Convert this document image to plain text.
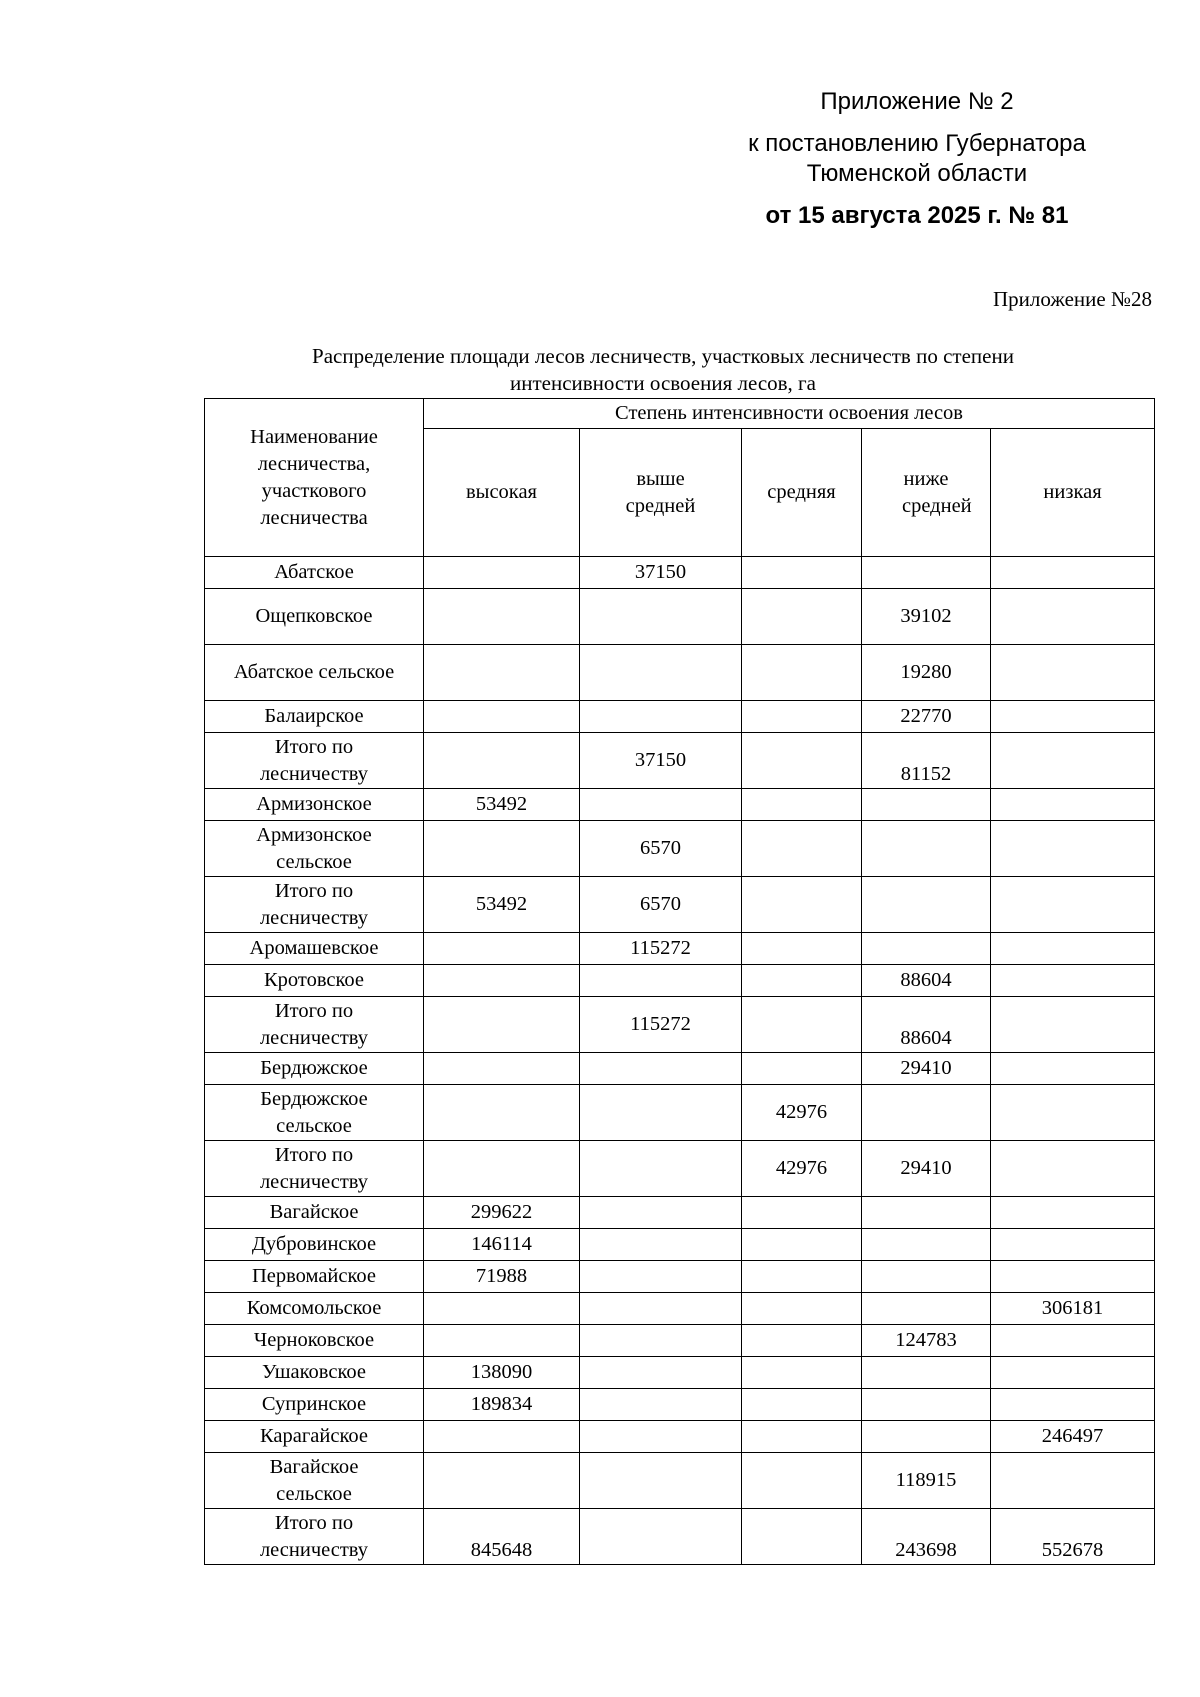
Приложение № 2
к постановлению Губернатора
Тюменской области
от 15 августа 2025 г. № 81
Приложение №28
Распределение площади лесов лесничеств, участковых лесничеств по степени
интенсивности освоения лесов, га
Наименование лесничества, участкового лесничества	Степень интенсивности освоения лесов				
	высокая	выше средней	средняя	ниже средней	низкая
Абатское		37150			
Ощепковское				39102	
Абатское сельское				19280	
Балаирское				22770	
Итого по лесничеству		37150		81152	
Армизонское	53492				
Армизонское сельское		6570			
Итого по лесничеству	53492	6570			
Аромашевское		115272			
Кротовское				88604	
Итого по лесничеству		115272		88604	
Бердюжское				29410	
Бердюжское сельское			42976		
Итого по лесничеству			42976	29410	
Вагайское	299622				
Дубровинское	146114				
Первомайское	71988				
Комсомольское					306181
Черноковское				124783	
Ушаковское	138090				
Супринское	189834				
Карагайское					246497
Вагайское сельское				118915	
Итого по лесничеству	845648			243698	552678
